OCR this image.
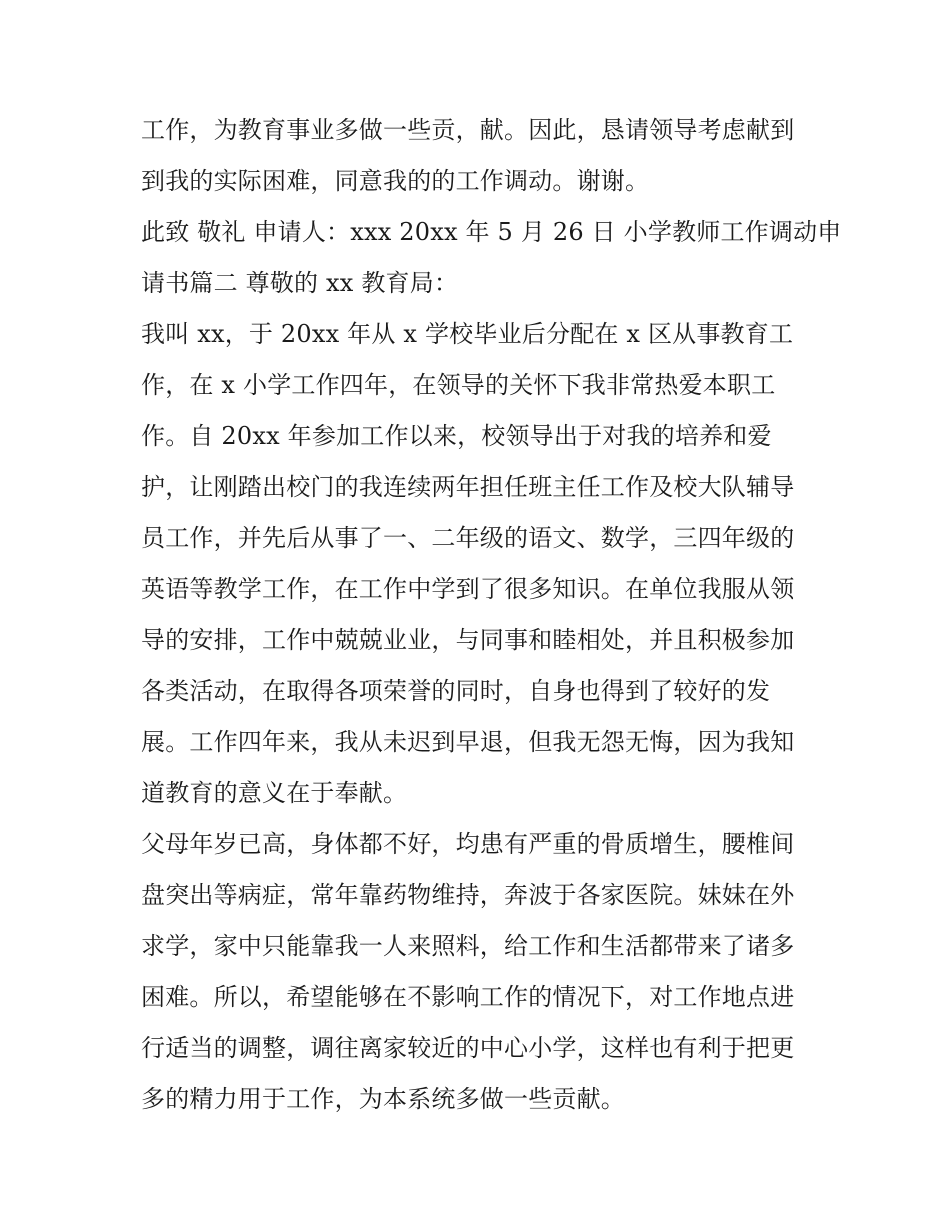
工作，为教育事业多做一些贡，献。因此，恳请领导考虑献到
到我的实际困难，同意我的的工作调动。谢谢。
此致 敬礼 申请人：xxx 20xx 年 5 月 26 日 小学教师工作调动申
请书篇二 尊敬的 xx 教育局：
我叫 xx，于 20xx 年从 x 学校毕业后分配在 x 区从事教育工
作，在 x 小学工作四年，在领导的关怀下我非常热爱本职工
作。自 20xx 年参加工作以来，校领导出于对我的培养和爱
护，让刚踏出校门的我连续两年担任班主任工作及校大队辅导
员工作，并先后从事了一、二年级的语文、数学，三四年级的
英语等教学工作，在工作中学到了很多知识。在单位我服从领
导的安排，工作中兢兢业业，与同事和睦相处，并且积极参加
各类活动，在取得各项荣誉的同时，自身也得到了较好的发
展。工作四年来，我从未迟到早退，但我无怨无悔，因为我知
道教育的意义在于奉献。
父母年岁已高，身体都不好，均患有严重的骨质增生，腰椎间
盘突出等病症，常年靠药物维持，奔波于各家医院。妹妹在外
求学，家中只能靠我一人来照料，给工作和生活都带来了诸多
困难。所以，希望能够在不影响工作的情况下，对工作地点进
行适当的调整，调往离家较近的中心小学，这样也有利于把更
多的精力用于工作，为本系统多做一些贡献。
